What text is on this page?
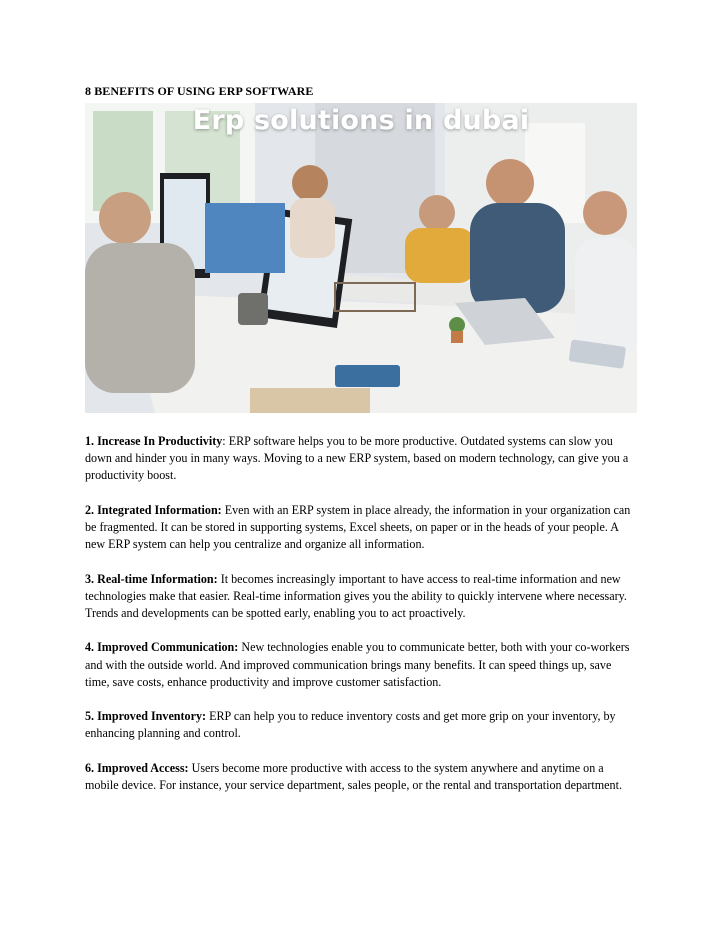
8 BENEFITS OF USING ERP SOFTWARE
Erp solutions in dubai

1. Increase In Productivity: ERP software helps you to be more productive. Outdated systems can slow you down and hinder you in many ways. Moving to a new ERP system, based on modern technology, can give you a productivity boost.

2. Integrated Information: Even with an ERP system in place already, the information in your organization can be fragmented. It can be stored in supporting systems, Excel sheets, on paper or in the heads of your people. A new ERP system can help you centralize and organize all information.

3. Real-time Information: It becomes increasingly important to have access to real-time information and new technologies make that easier. Real-time information gives you the ability to quickly intervene where necessary. Trends and developments can be spotted early, enabling you to act proactively.

4. Improved Communication: New technologies enable you to communicate better, both with your co-workers and with the outside world. And improved communication brings many benefits. It can speed things up, save time, save costs, enhance productivity and improve customer satisfaction.

5. Improved Inventory: ERP can help you to reduce inventory costs and get more grip on your inventory, by enhancing planning and control.

6. Improved Access: Users become more productive with access to the system anywhere and anytime on a mobile device. For instance, your service department, sales people, or the rental and transportation department.
